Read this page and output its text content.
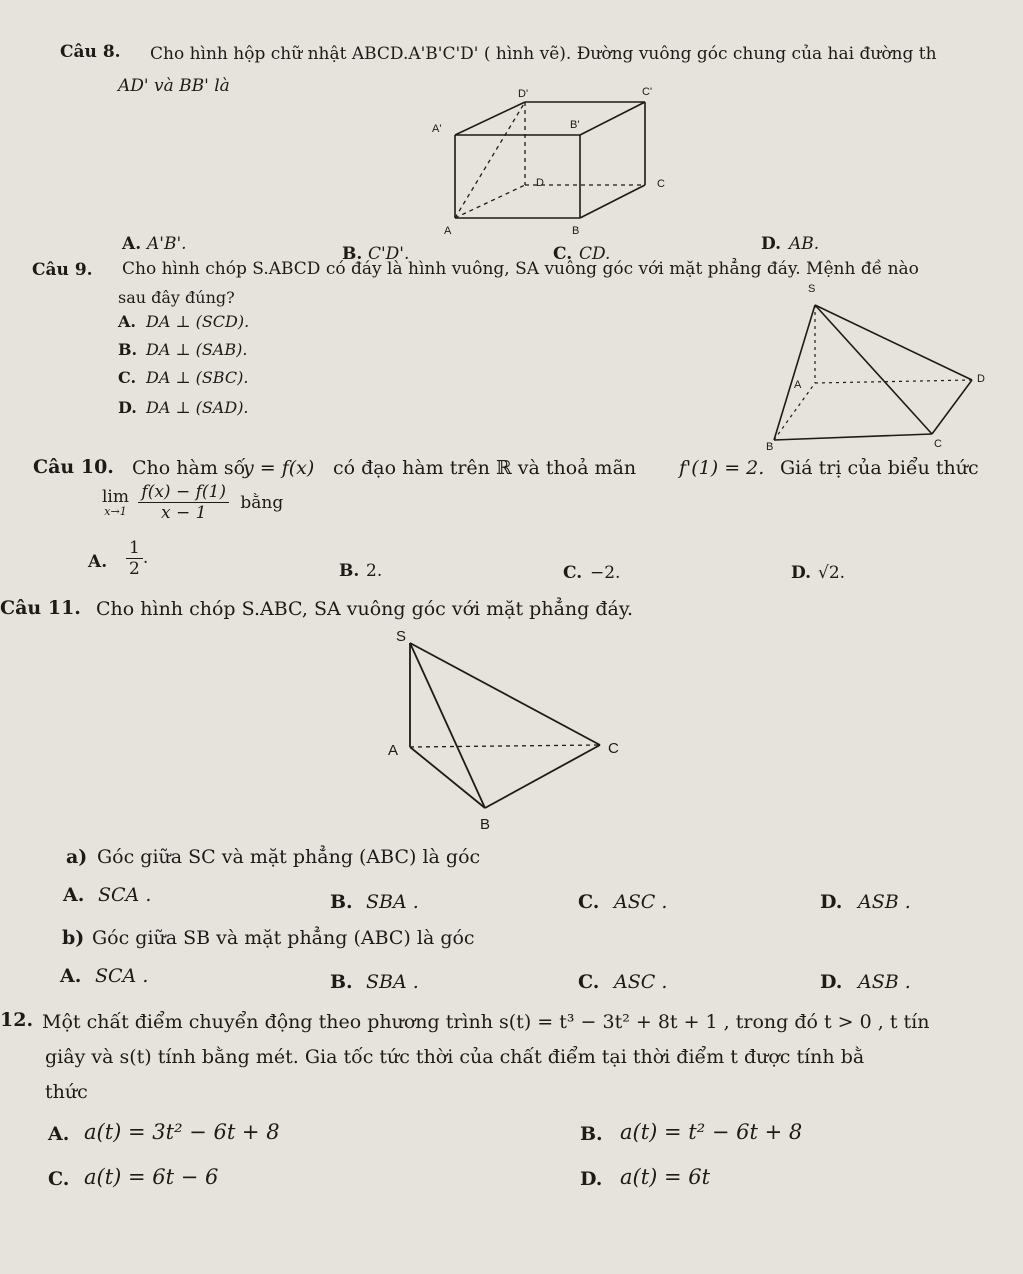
Câu 8. Cho hình hộp chữ nhật ABCD.A'B'C'D' ( hình vẽ). Đường vuông góc chung của hai đường th
AD' và BB' là	D'	C'
A'	B'
D	C
A	B
A. A'B'.	B. C'D'.	C. CD.	D. AB.
Câu 9. Cho hình chóp S.ABCD có đáy là hình vuông, SA vuông góc với mặt phẳng đáy. Mệnh đề nào
sau đây đúng?
A. DA ⊥ (SCD).
B. DA ⊥ (SAB).
C. DA ⊥ (SBC).
D. DA ⊥ (SAD).
S
A	D
B	C
Câu 10. Cho hàm số
y = f(x) có đạo hàm trên ℝ và thoả mãn f'(1) = 2. Giá trị của biểu thức
lim
x→1
$\frac{f(x) - f(1)}{x - 1}$ bằng
A. $\frac{1}{2}$ .
B. 2.	C. −2.	D. √2.
Câu 11. Cho hình chóp S.ABC, SA vuông góc với mặt phẳng đáy.
S
A	C
B
a) Góc giữa SC và mặt phẳng (ABC) là góc
A. SCA .	B. SBA .	C. ASC .	D. ASB .
b) Góc giữa SB và mặt phẳng (ABC) là góc
A. SCA .	B. SBA .	C. ASC .	D. ASB .
12. Một chất điểm chuyển động theo phương trình s(t) = t³ − 3t² + 8t + 1 , trong đó t > 0 , t tín
giây và s(t) tính bằng mét. Gia tốc tức thời của chất điểm tại thời điểm t được tính bằ
thức
A. a(t) = 3t² − 6t + 8	B. a(t) = t² − 6t + 8
C. a(t) = 6t − 6	D. a(t) = 6t
